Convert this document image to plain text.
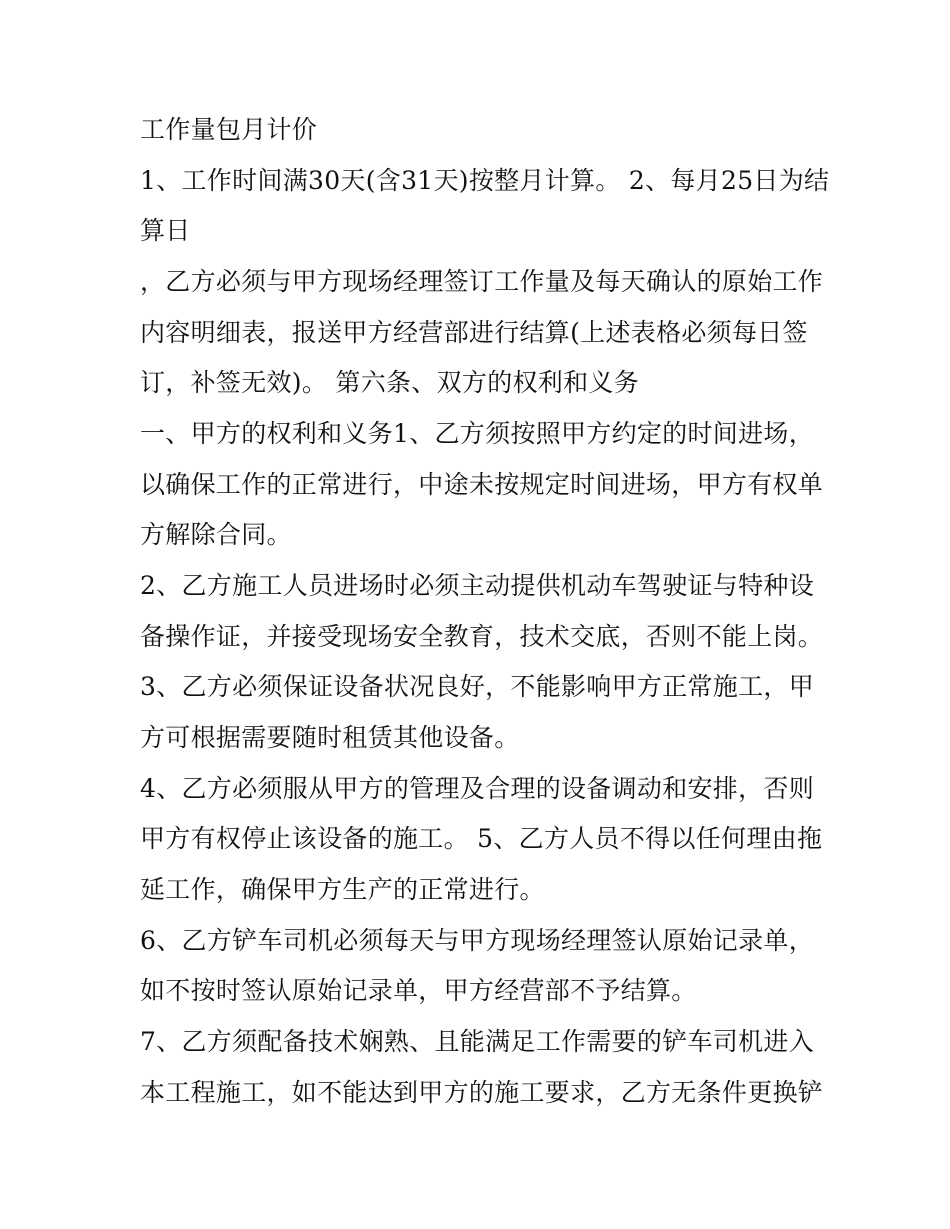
工作量包月计价
1、工作时间满30天(含31天)按整月计算。 2、每月25日为结
算日
，乙方必须与甲方现场经理签订工作量及每天确认的原始工作
内容明细表，报送甲方经营部进行结算(上述表格必须每日签
订，补签无效)。 第六条、双方的权利和义务
一、甲方的权利和义务1、乙方须按照甲方约定的时间进场，
以确保工作的正常进行，中途未按规定时间进场，甲方有权单
方解除合同。
2、乙方施工人员进场时必须主动提供机动车驾驶证与特种设
备操作证，并接受现场安全教育，技术交底，否则不能上岗。
3、乙方必须保证设备状况良好，不能影响甲方正常施工，甲
方可根据需要随时租赁其他设备。
4、乙方必须服从甲方的管理及合理的设备调动和安排，否则
甲方有权停止该设备的施工。 5、乙方人员不得以任何理由拖
延工作，确保甲方生产的正常进行。
6、乙方铲车司机必须每天与甲方现场经理签认原始记录单，
如不按时签认原始记录单，甲方经营部不予结算。
7、乙方须配备技术娴熟、且能满足工作需要的铲车司机进入
本工程施工，如不能达到甲方的施工要求，乙方无条件更换铲
